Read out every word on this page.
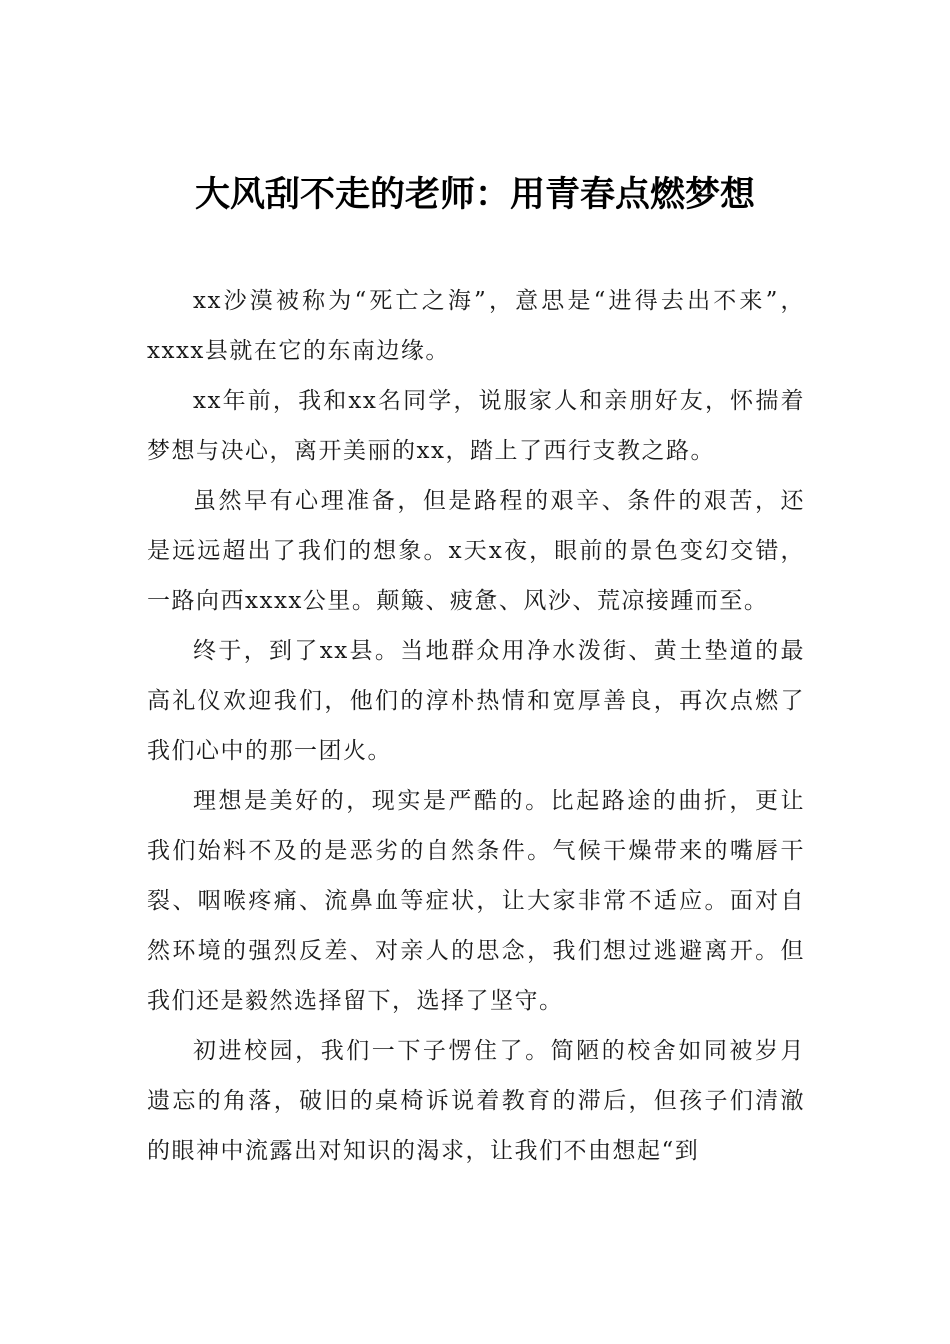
大风刮不走的老师：用青春点燃梦想

xx沙漠被称为“死亡之海”，意思是“进得去出不来”，xxxx县就在它的东南边缘。

xx年前，我和xx名同学，说服家人和亲朋好友，怀揣着梦想与决心，离开美丽的xx，踏上了西行支教之路。

虽然早有心理准备，但是路程的艰辛、条件的艰苦，还是远远超出了我们的想象。x天x夜，眼前的景色变幻交错，一路向西xxxx公里。颠簸、疲惫、风沙、荒凉接踵而至。

终于，到了xx县。当地群众用净水泼街、黄土垫道的最高礼仪欢迎我们，他们的淳朴热情和宽厚善良，再次点燃了我们心中的那一团火。

理想是美好的，现实是严酷的。比起路途的曲折，更让我们始料不及的是恶劣的自然条件。气候干燥带来的嘴唇干裂、咽喉疼痛、流鼻血等症状，让大家非常不适应。面对自然环境的强烈反差、对亲人的思念，我们想过逃避离开。但我们还是毅然选择留下，选择了坚守。

初进校园，我们一下子愣住了。简陋的校舍如同被岁月遗忘的角落，破旧的桌椅诉说着教育的滞后，但孩子们清澈的眼神中流露出对知识的渴求，让我们不由想起“到
